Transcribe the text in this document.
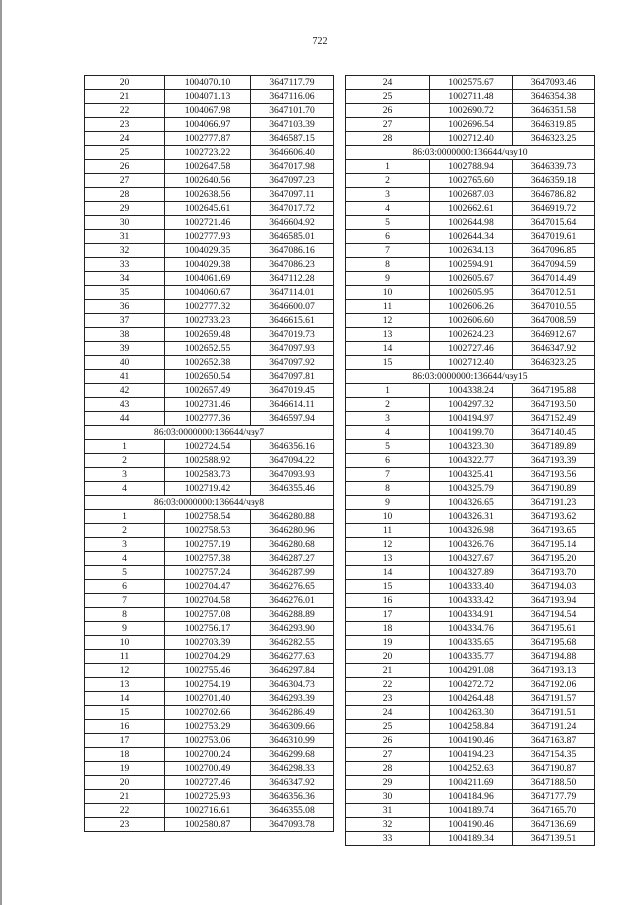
722
20	1004070.10	3647117.79
21	1004071.13	3647116.06
22	1004067.98	3647101.70
23	1004066.97	3647103.39
24	1002777.87	3646587.15
25	1002723.22	3646606.40
26	1002647.58	3647017.98
27	1002640.56	3647097.23
28	1002638.56	3647097.11
29	1002645.61	3647017.72
30	1002721.46	3646604.92
31	1002777.93	3646585.01
32	1004029.35	3647086.16
33	1004029.38	3647086.23
34	1004061.69	3647112.28
35	1004060.67	3647114.01
36	1002777.32	3646600.07
37	1002733.23	3646615.61
38	1002659.48	3647019.73
39	1002652.55	3647097.93
40	1002652.38	3647097.92
41	1002650.54	3647097.81
42	1002657.49	3647019.45
43	1002731.46	3646614.11
44	1002777.36	3646597.94
86:03:0000000:136644/чзу7		
1	1002724.54	3646356.16
2	1002588.92	3647094.22
3	1002583.73	3647093.93
4	1002719.42	3646355.46
86:03:0000000:136644/чзу8		
1	1002758.54	3646280.88
2	1002758.53	3646280.96
3	1002757.19	3646280.68
4	1002757.38	3646287.27
5	1002757.24	3646287.99
6	1002704.47	3646276.65
7	1002704.58	3646276.01
8	1002757.08	3646288.89
9	1002756.17	3646293.90
10	1002703.39	3646282.55
11	1002704.29	3646277.63
12	1002755.46	3646297.84
13	1002754.19	3646304.73
14	1002701.40	3646293.39
15	1002702.66	3646286.49
16	1002753.29	3646309.66
17	1002753.06	3646310.99
18	1002700.24	3646299.68
19	1002700.49	3646298.33
20	1002727.46	3646347.92
21	1002725.93	3646356.36
22	1002716.61	3646355.08
23	1002580.87	3647093.78
24	1002575.67	3647093.46
25	1002711.48	3646354.38
26	1002690.72	3646351.58
27	1002696.54	3646319.85
28	1002712.40	3646323.25
86:03:0000000:136644/чзу10		
1	1002788.94	3646339.73
2	1002765.60	3646359.18
3	1002687.03	3646786.82
4	1002662.61	3646919.72
5	1002644.98	3647015.64
6	1002644.34	3647019.61
7	1002634.13	3647096.85
8	1002594.91	3647094.59
9	1002605.67	3647014.49
10	1002605.95	3647012.51
11	1002606.26	3647010.55
12	1002606.60	3647008.59
13	1002624.23	3646912.67
14	1002727.46	3646347.92
15	1002712.40	3646323.25
86:03:0000000:136644/чзу15		
1	1004338.24	3647195.88
2	1004297.32	3647193.50
3	1004194.97	3647152.49
4	1004199.70	3647140.45
5	1004323.30	3647189.89
6	1004322.77	3647193.39
7	1004325.41	3647193.56
8	1004325.79	3647190.89
9	1004326.65	3647191.23
10	1004326.31	3647193.62
11	1004326.98	3647193.65
12	1004326.76	3647195.14
13	1004327.67	3647195.20
14	1004327.89	3647193.70
15	1004333.40	3647194.03
16	1004333.42	3647193.94
17	1004334.91	3647194.54
18	1004334.76	3647195.61
19	1004335.65	3647195.68
20	1004335.77	3647194.88
21	1004291.08	3647193.13
22	1004272.72	3647192.06
23	1004264.48	3647191.57
24	1004263.30	3647191.51
25	1004258.84	3647191.24
26	1004190.46	3647163.87
27	1004194.23	3647154.35
28	1004252.63	3647190.87
29	1004211.69	3647188.50
30	1004184.96	3647177.79
31	1004189.74	3647165.70
32	1004190.46	3647136.69
33	1004189.34	3647139.51
